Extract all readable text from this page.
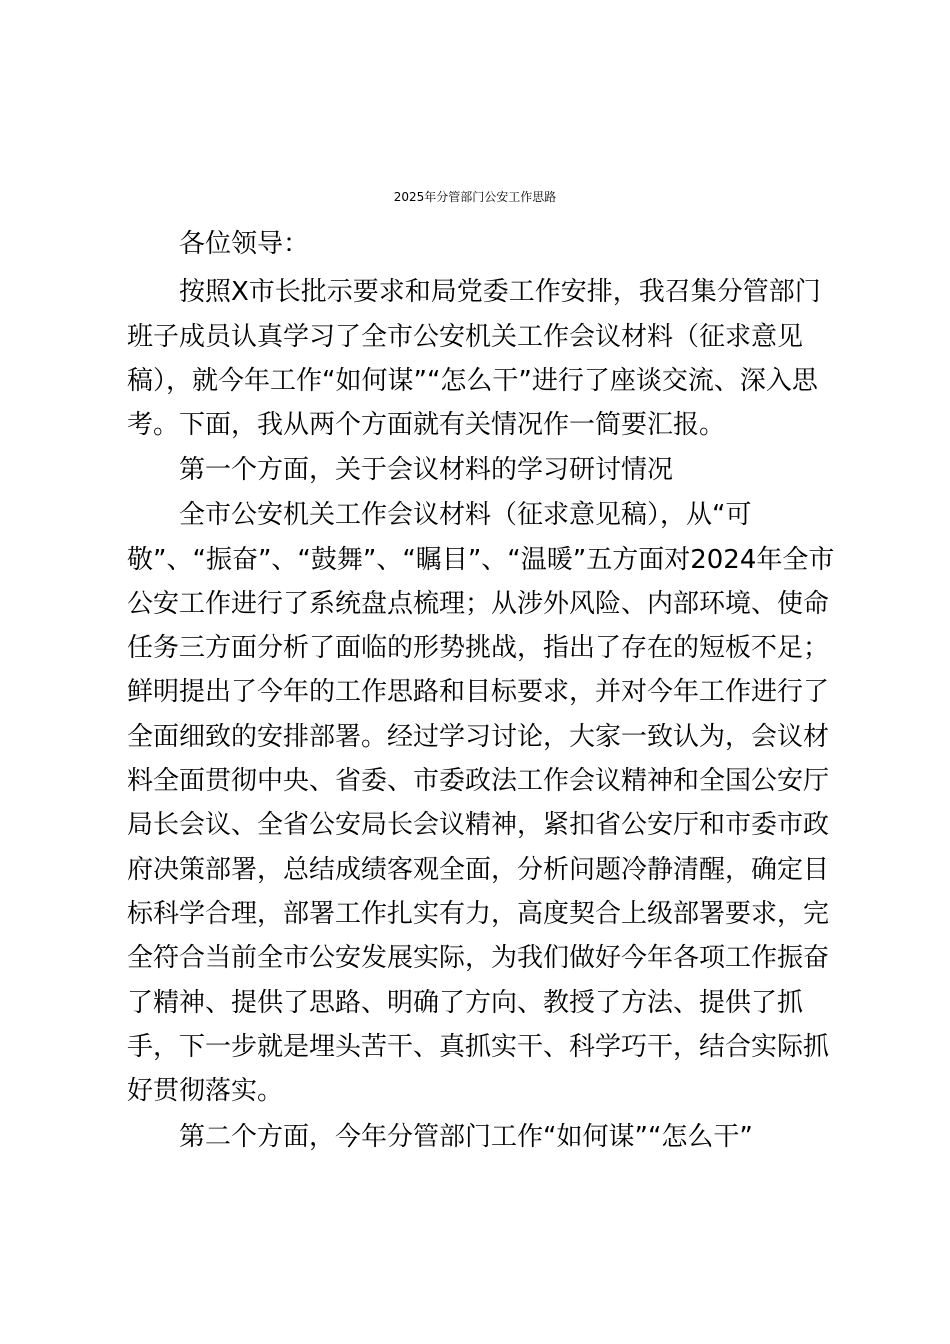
2025年分管部门公安工作思路
各位领导：
按照X市长批示要求和局党委工作安排，我召集分管部门
班子成员认真学习了全市公安机关工作会议材料（征求意见
稿），就今年工作“如何谋”“怎么干”进行了座谈交流、深入思
考。下面，我从两个方面就有关情况作一简要汇报。
第一个方面，关于会议材料的学习研讨情况
全市公安机关工作会议材料（征求意见稿），从“可
敬”、“振奋”、“鼓舞”、“瞩目”、“温暖”五方面对2024年全市
公安工作进行了系统盘点梳理；从涉外风险、内部环境、使命
任务三方面分析了面临的形势挑战，指出了存在的短板不足；
鲜明提出了今年的工作思路和目标要求，并对今年工作进行了
全面细致的安排部署。经过学习讨论，大家一致认为，会议材
料全面贯彻中央、省委、市委政法工作会议精神和全国公安厅
局长会议、全省公安局长会议精神，紧扣省公安厅和市委市政
府决策部署，总结成绩客观全面，分析问题冷静清醒，确定目
标科学合理，部署工作扎实有力，高度契合上级部署要求，完
全符合当前全市公安发展实际，为我们做好今年各项工作振奋
了精神、提供了思路、明确了方向、教授了方法、提供了抓
手，下一步就是埋头苦干、真抓实干、科学巧干，结合实际抓
好贯彻落实。
第二个方面，今年分管部门工作“如何谋”“怎么干”
